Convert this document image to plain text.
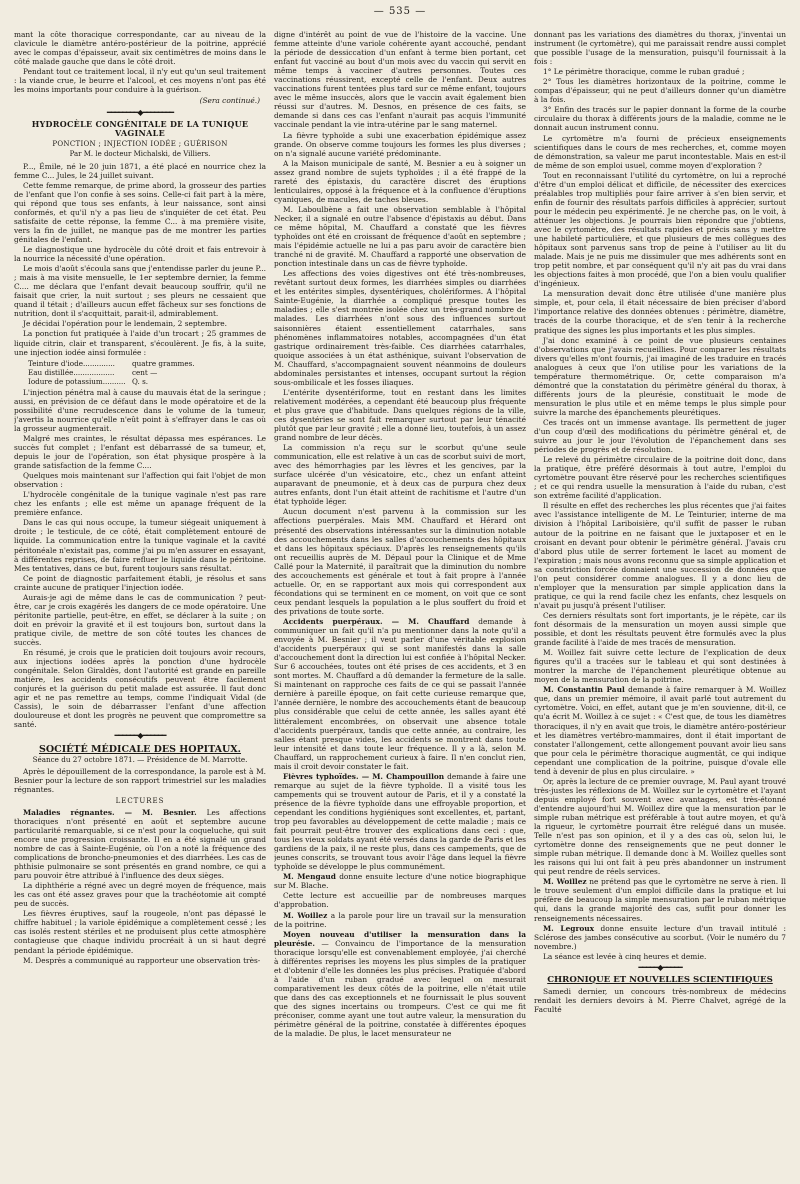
— 535 —

mant la côte thoracique correspondante, car au niveau de la clavicule le diamètre antéro-postérieur de la poitrine, apprécié avec le compas d'épaisseur, avait six centimètres de moins dans le côté malade gauche que dans le côté droit.

Pendant tout ce traitement local, il n'y eut qu'un seul traitement : la viande crue, le beurre et l'alcool, et ces moyens n'ont pas été les moins importants pour conduire à la guérison.

(Sera continué.)
━━━━━━━━◆━━━━━━━━
HYDROCÈLE CONGÉNITALE DE LA TUNIQUE VAGINALE
PONCTION ; INJECTION IODÉE ; GUÉRISON
Par M. le docteur Michalski, de Villiers.

P..., Émile, né le 20 juin 1871, a été placé en nourrice chez la femme C... Jules, le 24 juillet suivant.

Cette femme remarque, de prime abord, la grosseur des parties de l'enfant que l'on confie à ses soins. Celle-ci fait part à la mère, qui répond que tous ses enfants, à leur naissance, sont ainsi conformés, et qu'il n'y a pas lieu de s'inquiéter de cet état. Peu satisfaite de cette réponse, la femme C... à ma première visite, vers la fin de juillet, ne manque pas de me montrer les parties génitales de l'enfant.

Le diagnostique une hydrocèle du côté droit et fais entrevoir à la nourrice la nécessité d'une opération.

Le mois d'août s'écoula sans que j'entendisse parler du jeune P... ; mais à ma visite mensuelle, le 1er septembre dernier, la femme C.... me déclara que l'enfant devait beaucoup souffrir, qu'il ne faisait que crier, la nuit surtout ; ses pleurs ne cessaient que quand il tétait ; d'ailleurs aucun effet fâcheux sur ses fonctions de nutrition, dont il s'acquittait, parait-il, admirablement.

Je décidai l'opération pour le lendemain, 2 septembre.

La ponction fut pratiquée à l'aide d'un trocart ; 25 grammes de liquide citrin, clair et transparent, s'écoulèrent. Je fis, à la suite, une injection iodée ainsi formulée :

Teinture d'iode..............	quatre grammes.
Eau distillée..................	cent —
Iodure de potassium.......... Q. s.

L'injection pénétra mal à cause du mauvais état de la seringue ; aussi, en prévision de ce défaut dans le mode opératoire et de la possibilité d'une recrudescence dans le volume de la tumeur, j'avertis la nourrice qu'elle n'eût point à s'effrayer dans le cas où la grosseur augmenterait.

Malgré mes craintes, le résultat dépassa mes espérances. Le succès fut complet ; l'enfant est débarrassé de sa tumeur, et, depuis le jour de l'opération, son état physique prospère à la grande satisfaction de la femme C....

Quelques mois maintenant sur l'affection qui fait l'objet de mon observation :

L'hydrocèle congénitale de la tunique vaginale n'est pas rare chez les enfants ; elle est même un apanage fréquent de la première enfance.

Dans le cas qui nous occupe, la tumeur siégeait uniquement à droite ; le testicule, de ce côté, était complètement entouré de liquide. La communication entre la tunique vaginale et la cavité péritonéale n'existait pas, comme j'ai pu m'en assurer en essayant, à différentes reprises, de faire refluer le liquide dans le péritoine. Mes tentatives, dans ce but, furent toujours sans résultat.

Ce point de diagnostic parfaitement établi, je résolus et sans crainte aucune de pratiquer l'injection iodée.

Aurais-je agi de même dans le cas de communication ? peut-être, car je crois exagérés les dangers de ce mode opératoire. Une péritonite partielle, peut-être, en effet, se déclarer à la suite ; on doit en prévoir la gravité et il est toujours bon, surtout dans la pratique civile, de mettre de son côté toutes les chances de succès.

En résumé, je crois que le praticien doit toujours avoir recours, aux injections iodées après la ponction d'une hydrocèle congénitale. Selon Giraldès, dont l'autorité est grande en pareille matière, les accidents consécutifs peuvent être facilement conjurés et la guérison du petit malade est assurée. Il faut donc agir et ne pas remettre au temps, comme l'indiquait Vidal (de Cassis), le soin de débarrasser l'enfant d'une affection douloureuse et dont les progrès ne peuvent que compromettre sa santé.

━━━━━━◆━━━━━━
SOCIÉTÉ MÉDICALE DES HOPITAUX.
Séance du 27 octobre 1871. — Présidence de M. Marrotte.

Après le dépouillement de la correspondance, la parole est à M. Besnier pour la lecture de son rapport trimestriel sur les maladies régnantes.

LECTURES

Maladies régnantes. — M. Besnier. Les affections thoraciques n'ont présenté en août et septembre aucune particularité remarquable, si ce n'est pour la coqueluche, qui suit encore une progression croissante. Il en a été signalé un grand nombre de cas à Sainte-Eugénie, où l'on a noté la fréquence des complications de broncho-pneumonies et des diarrhées. Les cas de phthisie pulmonaire se sont présentés en grand nombre, ce qui a paru pouvoir être attribué à l'influence des deux sièges.

La diphthérie a régné avec un degré moyen de fréquence, mais les cas ont été assez graves pour que la trachéotomie ait compté peu de succès.

Les fièvres éruptives, sauf la rougeole, n'ont pas dépassé le chiffre habituel ; la variole épidémique a complètement cessé ; les cas isolés restent stériles et ne produisent plus cette atmosphère contagieuse que chaque individu procréait à un si haut degré pendant la période épidémique.

M. Desprès a communiqué au rapporteur une observation très-

digne d'intérêt au point de vue de l'histoire de la vaccine. Une femme atteinte d'une variole cohérente ayant accouché, pendant la période de dessiccation d'un enfant à terme bien portant, cet enfant fut vacciné au bout d'un mois avec du vaccin qui servit en même temps à vacciner d'autres personnes. Toutes ces vaccinations réussirent, excepté celle de l'enfant. Deux autres vaccinations furent tentées plus tard sur ce même enfant, toujours avec le même insuccès, alors que le vaccin avait également bien réussi sur d'autres. M. Desnos, en présence de ces faits, se demande si dans ces cas l'enfant n'aurait pas acquis l'immunité vaccinale pendant la vie intra-utérine par le sang maternel.

La fièvre typhoïde a subi une exacerbation épidémique assez grande. On observe comme toujours les formes les plus diverses ; on n'a signalé aucune variété prédominante.

A la Maison municipale de santé, M. Besnier a eu à soigner un assez grand nombre de sujets typhoïdes ; il a été frappé de la rareté des épistaxis, du caractère discret des éruptions lenticulaires, opposé à la fréquence et à la confluence d'éruptions cyaniques, de macules, de taches bleues.

M. Laboulbène a fait une observation semblable à l'hôpital Necker, il a signalé en outre l'absence d'épistaxis au début. Dans ce même hôpital, M. Chauffard a constaté que les fièvres typhoïdes ont été en croissant de fréquence d'août en septembre ; mais l'épidémie actuelle ne lui a pas paru avoir de caractère bien tranché ni de gravité. M. Chauffard a rapporté une observation de ponction intestinale dans un cas de fièvre typhoïde.

Les affections des voies digestives ont été très-nombreuses, revêtant surtout deux formes, les diarrhées simples ou diarrhées et les entérites simples, dysentériques, cholériformes. A l'hôpital Sainte-Eugénie, la diarrhée a compliqué presque toutes les maladies ; elle s'est montrée isolée chez un très-grand nombre de malades. Les diarrhées n'ont sous des influences surtout saisonnières étaient essentiellement catarrhales, sans phénomènes inflammatoires notables, accompagnées d'un état gastrique ordinairement très-faible. Ces diarrhées catarrhales, quoique associées à un état asthénique, suivant l'observation de M. Chauffard, s'accompagnaient souvent néanmoins de douleurs abdominales persistantes et intenses, occupant surtout la région sous-ombilicale et les fosses iliaques.

L'entérite dysentériforme, tout en restant dans les limites relativement modérées, a cependant été beaucoup plus fréquente et plus grave que d'habitude. Dans quelques régions de la ville, ces dysentéries se sont fait remarquer surtout par leur ténacité plutôt que par leur gravité ; elle a donné lieu, toutefois, à un assez grand nombre de leur décès.

La commission n'a reçu sur le scorbut qu'une seule communication, elle est relative à un cas de scorbut suivi de mort, avec des hémorrhagies par les lèvres et les gencives, par la surface ulcérée d'un vésicatoire, etc., chez un enfant atteint auparavant de pneumonie, et à deux cas de purpura chez deux autres enfants, dont l'un était atteint de rachitisme et l'autre d'un état typhoïde léger.

Aucun document n'est parvenu à la commission sur les affections puerpérales. Mais MM. Chauffard et Hérard ont présenté des observations intéressantes sur la diminution notable des accouchements dans les salles d'accouchements des hôpitaux et dans les hôpitaux spéciaux. D'après les renseignements qu'ils ont recueillis auprès de M. Dépaul pour la Clinique et de Mme Callé pour la Maternité, il paraîtrait que la diminution du nombre des accouchements est générale et tout à fait propre à l'année actuelle. Or, en se rapportant aux mois qui correspondent aux fécondations qui se terminent en ce moment, on voit que ce sont ceux pendant lesquels la population a le plus souffert du froid et des privations de toute sorte.

Accidents puerpéraux. — M. Chauffard demande à communiquer un fait qu'il n'a pu mentionner dans la note qu'il a envoyée à M. Besnier ; il veut parler d'une véritable explosion d'accidents puerpéraux qui se sont manifestés dans la salle d'accouchement dont la direction lui est confiée à l'hôpital Necker. Sur 6 accouchées, toutes ont été prises de ces accidents, et 3 en sont mortes. M. Chauffard a dû demander la fermeture de la salle. Si maintenant on rapproche ces faits de ce qui se passait l'année dernière à pareille époque, on fait cette curieuse remarque que, l'année dernière, le nombre des accouchements étant de beaucoup plus considérable que celui de cette année, les salles ayant été littéralement encombrées, on observait une absence totale d'accidents puerpéraux, tandis que cette année, au contraire, les salles étant presque vides, les accidents se montrent dans toute leur intensité et dans toute leur fréquence. Il y a là, selon M. Chauffard, un rapprochement curieux à faire. Il n'en conclut rien, mais il croit devoir constater le fait.

Fièvres typhoïdes. — M. Champouillon demande à faire une remarque au sujet de la fièvre typhoïde. Il a visité tous les campements qui se trouvent autour de Paris, et il y a constaté la présence de la fièvre typhoïde dans une effroyable proportion, et cependant les conditions hygiéniques sont excellentes, et, partant, trop peu favorables au développement de cette maladie ; mais ce fait pourrait peut-être trouver des explications dans ceci : que, tous les vieux soldats ayant été versés dans la garde de Paris et les gardiens de la paix, il ne reste plus, dans ces campements, que de jeunes conscrits, se trouvant tous avoir l'âge dans lequel la fièvre typhoïde se développe le plus communément.

M. Mengaud donne ensuite lecture d'une notice biographique sur M. Blache.

Cette lecture est accueillie par de nombreuses marques d'approbation.

M. Woillez a la parole pour lire un travail sur la mensuration de la poitrine.

Moyen nouveau d'utiliser la mensuration dans la pleurésie. — Convaincu de l'importance de la mensuration thoracique lorsqu'elle est convenablement employée, j'ai cherché à différentes reprises les moyens les plus simples de la pratiquer et d'obtenir d'elle les données les plus précises. Pratiquée d'abord à l'aide d'un ruban gradué avec lequel on mesurait comparativement les deux côtés de la poitrine, elle n'était utile que dans des cas exceptionnels et ne fournissait le plus souvent que des signes incertains ou trompeurs. C'est ce qui me fit préconiser, comme ayant une tout autre valeur, la mensuration du périmètre général de la poitrine, constatée à différentes époques de la maladie. De plus, le lacet mensurateur ne

donnant pas les variations des diamètres du thorax, j'inventai un instrument (le cyrtomètre), qui me paraissait rendre aussi complet que possible l'usage de la mensuration, puisqu'il fournissait à la fois :

1° Le périmètre thoracique, comme le ruban gradué ;

2° Tous les diamètres horizontaux de la poitrine, comme le compas d'épaisseur, qui ne peut d'ailleurs donner qu'un diamètre à la fois.

3° Enfin des tracés sur le papier donnant la forme de la courbe circulaire du thorax à différents jours de la maladie, comme ne le donnait aucun instrument connu.

Le cyrtomètre m'a fourni de précieux enseignements scientifiques dans le cours de mes recherches, et, comme moyen de démonstration, sa valeur me parut incontestable. Mais en est-il de même de son emploi usuel, comme moyen d'exploration ?

Tout en reconnaissant l'utilité du cyrtomètre, on lui a reproché d'être d'un emploi délicat et difficile, de nécessiter des exercices préalables trop multipliés pour faire arriver à s'en bien servir, et enfin de fournir des résultats parfois difficiles à apprécier, surtout pour le médecin peu expérimenté. Je ne cherche pas, on le voit, à atténuer les objections. Je pourrais bien répondre que j'obtiens, avec le cyrtomètre, des résultats rapides et précis sans y mettre une habileté particulière, et que plusieurs de mes collègues des hôpitaux sont parvenus sans trop de peine à l'utiliser au lit du malade. Mais je ne puis me dissimuler que mes adhérents sont en trop petit nombre, et par conséquent qu'il n'y ait pas du vrai dans les objections faites à mon procédé, que l'on a bien voulu qualifier d'ingénieux.

La mensuration devait donc être utilisée d'une manière plus simple, et, pour cela, il était nécessaire de bien préciser d'abord l'importance relative des données obtenues : périmètre, diamètre, tracés de la courbe thoracique, et de s'en tenir à la recherche pratique des signes les plus importants et les plus simples.

J'ai donc examiné à ce point de vue plusieurs centaines d'observations que j'avais recueillies. Pour comparer les résultats divers qu'elles m'ont fournis, j'ai imaginé de les traduire en tracés analogues à ceux que l'on utilise pour les variations de la température thermométrique. Or, cette comparaison m'a démontré que la constatation du périmètre général du thorax, à différents jours de la pleurésie, constituait le mode de mensuration le plus utile et en même temps le plus simple pour suivre la marche des épanchements pleurétiques.

Ces tracés ont un immense avantage. Ils permettent de juger d'un coup d'œil des modifications du périmètre général et, de suivre au jour le jour l'évolution de l'épanchement dans ses périodes de progrès et de résolution.

Le relevé du périmètre circulaire de la poitrine doit donc, dans la pratique, être préféré désormais à tout autre, l'emploi du cyrtomètre pouvant être réservé pour les recherches scientifiques ; et ce qui rendra usuelle la mensuration à l'aide du ruban, c'est son extrême facilité d'application.

Il résulte en effet des recherches les plus récentes que j'ai faites avec l'assistance intelligente de M. Le Teinturier, interne de ma division à l'hôpital Lariboisière, qu'il suffit de passer le ruban autour de la poitrine en ne faisant que le juxtaposer et en le croisant en devant pour obtenir le périmètre général. J'avais cru d'abord plus utile de serrer fortement le lacet au moment de l'expiration ; mais nous avons reconnu que sa simple application et sa constriction forcée donnaient une succession de données que l'on peut considérer comme analogues. Il y a donc lieu de n'employer que la mensuration par simple application dans la pratique, ce qui la rend facile chez les enfants, chez lesquels on n'avait pu jusqu'à présent l'utiliser.

Ces derniers résultats sont fort importants, je le répète, car ils font désormais de la mensuration un moyen aussi simple que possible, et dont les résultats peuvent être formulés avec la plus grande facilité à l'aide de mes tracés de mensuration.

M. Woillez fait suivre cette lecture de l'explication de deux figures qu'il a tracées sur le tableau et qui sont destinées à montrer la marche de l'épanchement pleurétique obtenue au moyen de la mensuration de la poitrine.

M. Constantin Paul demande à faire remarquer à M. Woillez que, dans un premier mémoire, il avait parlé tout autrement du cyrtomètre. Voici, en effet, autant que je m'en souvienne, dit-il, ce qu'a écrit M. Woillez à ce sujet : « C'est que, de tous les diamètres thoraciques, il n'y en avait que trois, le diamètre antéro-postérieur et les diamètres vertébro-mammaires, dont il était important de constater l'allongement, cette allongement pouvant avoir lieu sans que pour cela le périmètre thoracique augmentât, ce qui indique cependant une complication de la poitrine, puisque d'ovale elle tend à devenir de plus en plus circulaire. »

Or, après la lecture de ce premier ouvrage, M. Paul ayant trouvé très-justes les réflexions de M. Woillez sur le cyrtomètre et l'ayant depuis employé fort souvent avec avantages, est très-étonné d'entendre aujourd'hui M. Woillez dire que la mensuration par le simple ruban métrique est préférable à tout autre moyen, et qu'à la rigueur, le cyrtomètre pourrait être relégué dans un musée. Telle n'est pas son opinion, et il y a des cas où, selon lui, le cyrtomètre donne des renseignements que ne peut donner le simple ruban métrique. Il demande donc à M. Woillez quelles sont les raisons qui lui ont fait à peu près abandonner un instrument qui peut rendre de réels services.

M. Woillez ne prétend pas que le cyrtomètre ne serve à rien. Il le trouve seulement d'un emploi difficile dans la pratique et lui préfère de beaucoup la simple mensuration par le ruban métrique qui, dans la grande majorité des cas, suffit pour donner les renseignements nécessaires.

M. Legroux donne ensuite lecture d'un travail intitulé : Sclérose des jambes consécutive au scorbut. (Voir le numéro du 7 novembre.)

La séance est levée à cinq heures et demie.

━━━━━◆━━━━━
CHRONIQUE ET NOUVELLES SCIENTIFIQUES

Samedi dernier, un concours très-nombreux de médecins rendait les derniers devoirs à M. Pierre Chalvet, agrégé de la Faculté
